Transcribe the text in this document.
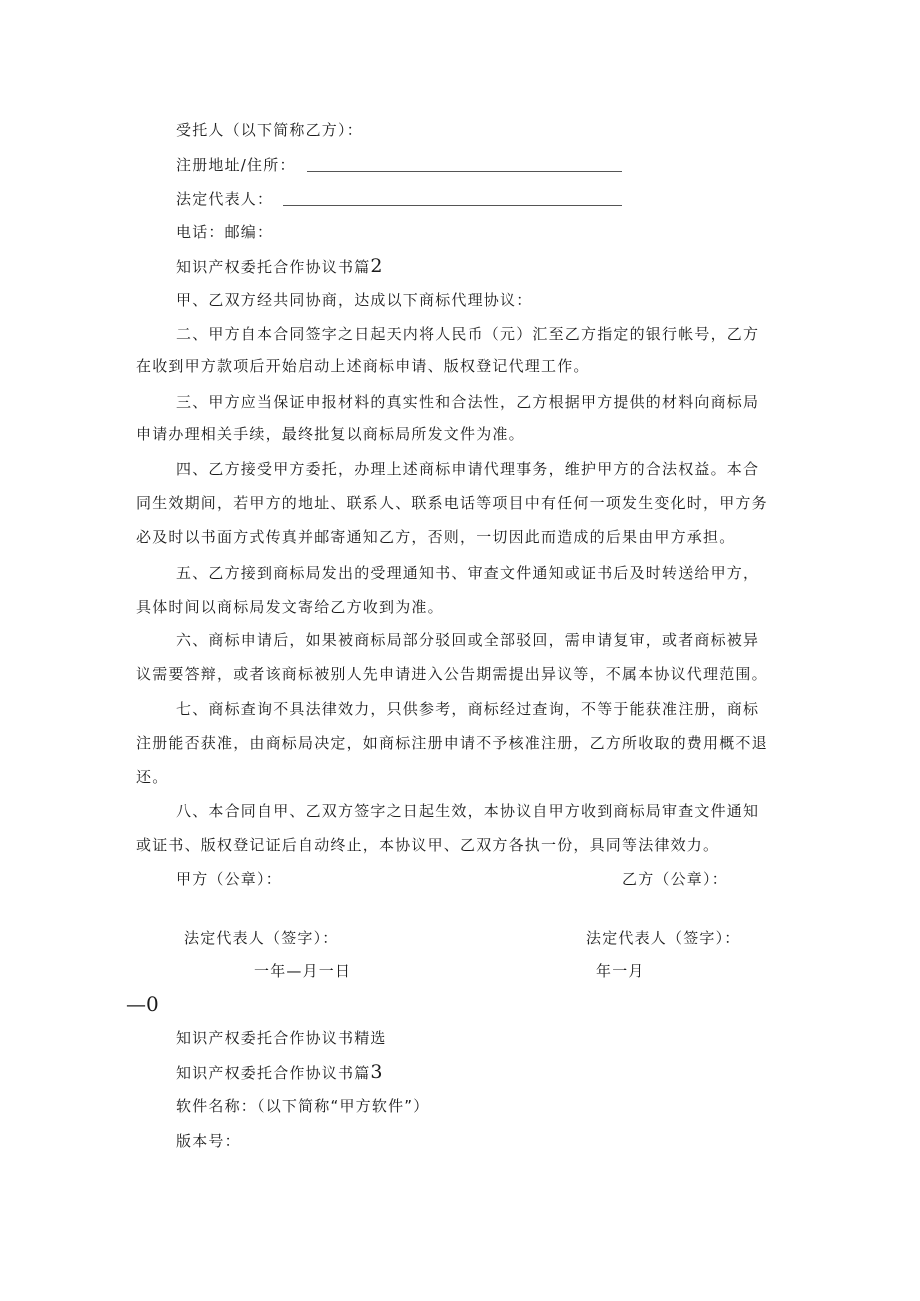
受托人（以下简称乙方）：
注册地址/住所：
法定代表人：
电话：邮编：
知识产权委托合作协议书篇2
甲、乙双方经共同协商，达成以下商标代理协议：
二、甲方自本合同签字之日起天内将人民币（元）汇至乙方指定的银行帐号，乙方
在收到甲方款项后开始启动上述商标申请、版权登记代理工作。
三、甲方应当保证申报材料的真实性和合法性，乙方根据甲方提供的材料向商标局
申请办理相关手续，最终批复以商标局所发文件为准。
四、乙方接受甲方委托，办理上述商标申请代理事务，维护甲方的合法权益。本合
同生效期间，若甲方的地址、联系人、联系电话等项目中有任何一项发生变化时，甲方务
必及时以书面方式传真并邮寄通知乙方，否则，一切因此而造成的后果由甲方承担。
五、乙方接到商标局发出的受理通知书、审查文件通知或证书后及时转送给甲方，
具体时间以商标局发文寄给乙方收到为准。
六、商标申请后，如果被商标局部分驳回或全部驳回，需申请复审，或者商标被异
议需要答辩，或者该商标被别人先申请进入公告期需提出异议等，不属本协议代理范围。
七、商标查询不具法律效力，只供参考，商标经过查询，不等于能获准注册，商标
注册能否获准，由商标局决定，如商标注册申请不予核准注册，乙方所收取的费用概不退
还。
八、本合同自甲、乙双方签字之日起生效，本协议自甲方收到商标局审查文件通知
或证书、版权登记证后自动终止，本协议甲、乙双方各执一份，具同等法律效力。
甲方（公章）：	乙方（公章）：
法定代表人（签字）：	法定代表人（签字）：
一年—月一日	年一月
—0
知识产权委托合作协议书精选
知识产权委托合作协议书篇3
软件名称：（以下简称“甲方软件”）
版本号：
